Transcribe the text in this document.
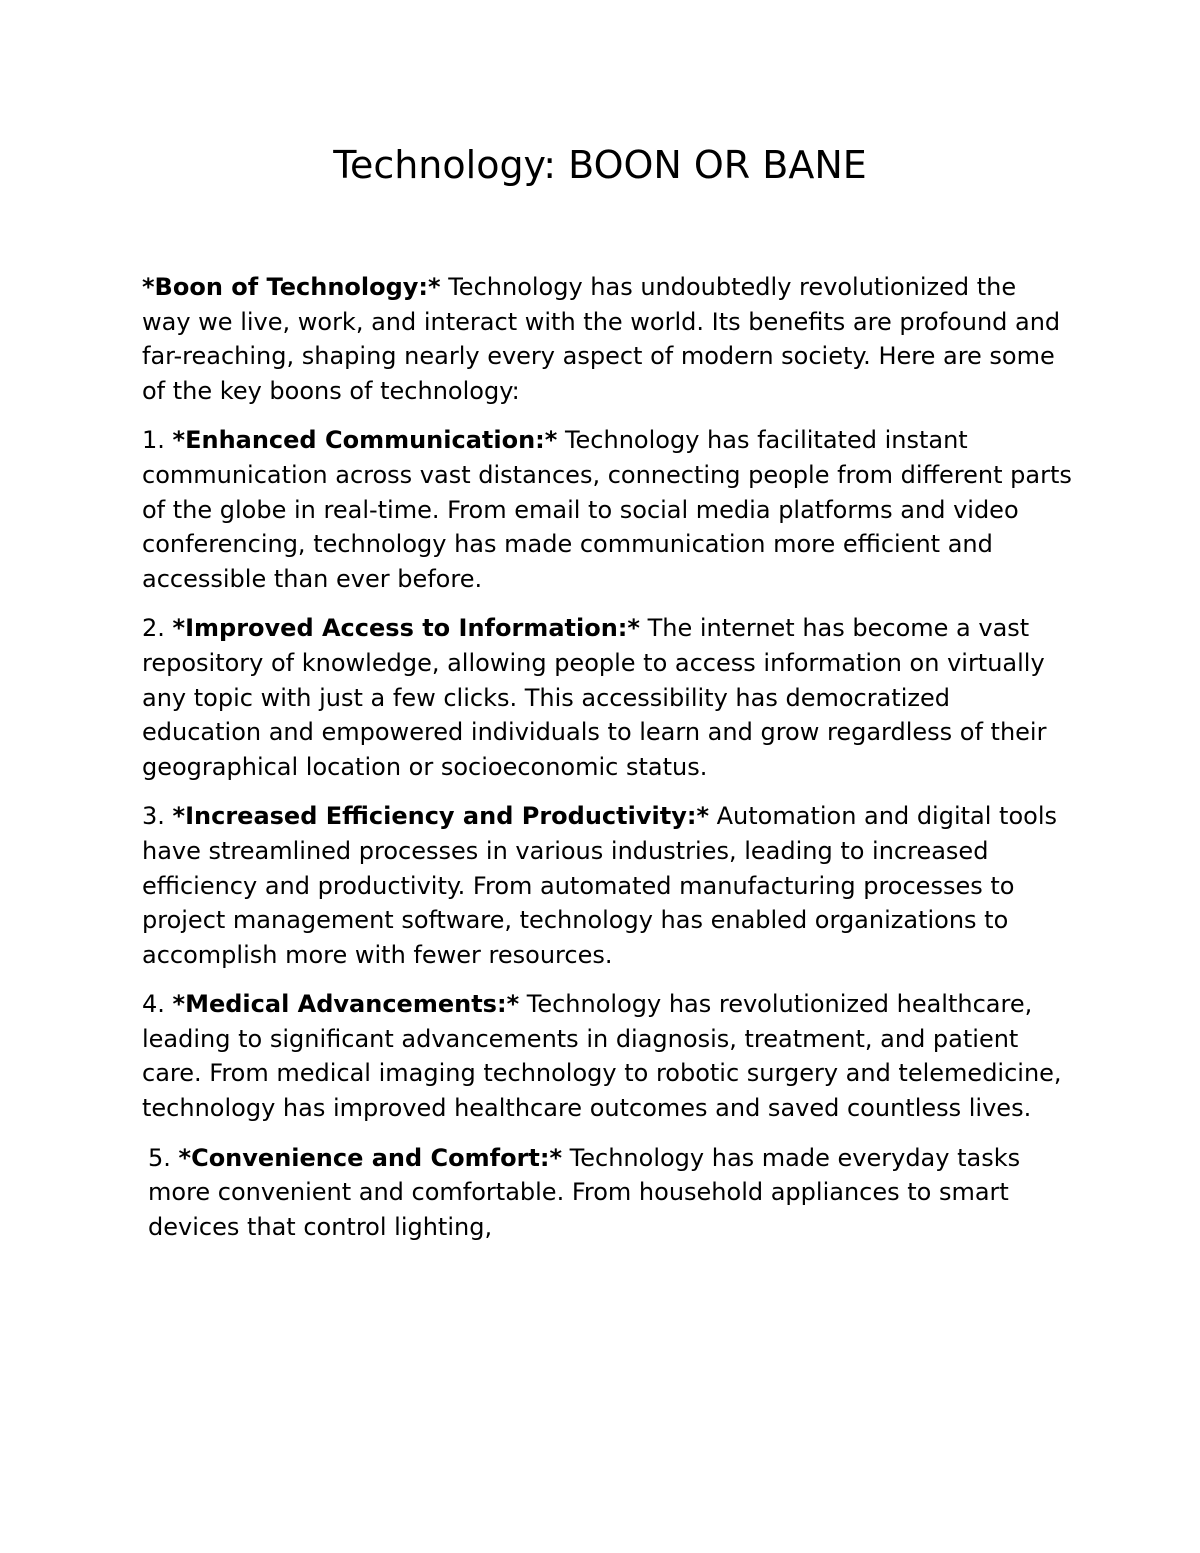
Technology: BOON OR BANE

*Boon of Technology:* Technology has undoubtedly revolutionized the way we live, work, and interact with the world. Its benefits are profound and far-reaching, shaping nearly every aspect of modern society. Here are some of the key boons of technology:

1. *Enhanced Communication:* Technology has facilitated instant communication across vast distances, connecting people from different parts of the globe in real-time. From email to social media platforms and video conferencing, technology has made communication more efficient and accessible than ever before.

2. *Improved Access to Information:* The internet has become a vast repository of knowledge, allowing people to access information on virtually any topic with just a few clicks. This accessibility has democratized education and empowered individuals to learn and grow regardless of their geographical location or socioeconomic status.

3. *Increased Efficiency and Productivity:* Automation and digital tools have streamlined processes in various industries, leading to increased efficiency and productivity. From automated manufacturing processes to project management software, technology has enabled organizations to accomplish more with fewer resources.

4. *Medical Advancements:* Technology has revolutionized healthcare, leading to significant advancements in diagnosis, treatment, and patient care. From medical imaging technology to robotic surgery and telemedicine, technology has improved healthcare outcomes and saved countless lives.

5. *Convenience and Comfort:* Technology has made everyday tasks more convenient and comfortable. From household appliances to smart devices that control lighting,
